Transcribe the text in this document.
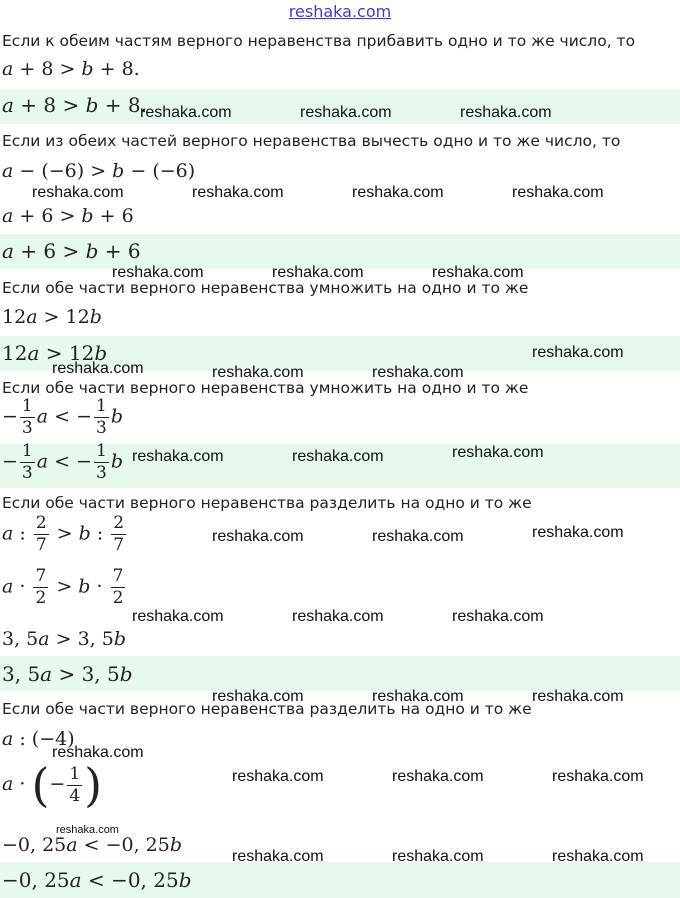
reshaka.com
Если к обеим частям верного неравенства прибавить одно и то же число, то
a + 8 > b + 8.
a + 8 > b + 8.
Если из обеих частей верного неравенства вычесть одно и то же число, то
a − (−6) > b − (−6)
a + 6 > b + 6
a + 6 > b + 6
Если обе части верного неравенства умножить на одно и то же
12a > 12b
12a > 12b
Если обе части верного неравенства умножить на одно и то же
− $\frac{1}{3}$ a < − $\frac{1}{3}$ b
− $\frac{1}{3}$ a < − $\frac{1}{3}$ b
Если обе части верного неравенства разделить на одно и то же
a : $\frac{2}{7} > b$ : $\frac{2}{7}$
$a \cdot \frac{7}{2} > b \cdot \frac{7}{2}$
3, 5a > 3, 5b
3, 5a > 3, 5b
Если обе части верного неравенства разделить на одно и то же
a : (−4)
a · (− $\frac{1}{4}$ )
−0, 25a < −0, 25b
−0, 25a < −0, 25b
reshaka.com	reshaka.com	reshaka.com
reshaka.com	reshaka.com	reshaka.com	reshaka.com
reshaka.com	reshaka.com	reshaka.com
reshaka.com
reshaka.com	reshaka.com	reshaka.com
reshaka.com	reshaka.com	reshaka.com
reshaka.com	reshaka.com	reshaka.com
reshaka.com	reshaka.com	reshaka.com
reshaka.com	reshaka.com	reshaka.com
reshaka.com
reshaka.com	reshaka.com	reshaka.com
reshaka.com
reshaka.com	reshaka.com	reshaka.com
